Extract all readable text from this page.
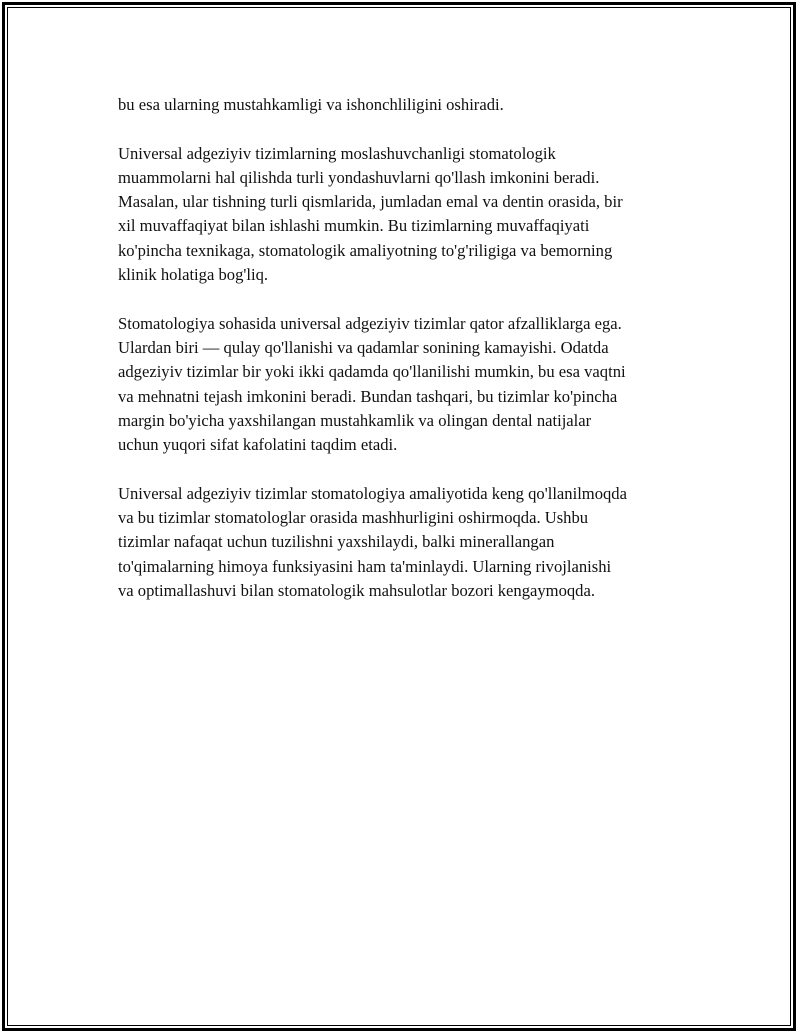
bu esa ularning mustahkamligi va ishonchliligini oshiradi.

Universal adgeziyiv tizimlarning moslashuvchanligi stomatologik
muammolarni hal qilishda turli yondashuvlarni qo'llash imkonini beradi.
Masalan, ular tishning turli qismlarida, jumladan emal va dentin orasida, bir
xil muvaffaqiyat bilan ishlashi mumkin. Bu tizimlarning muvaffaqiyati
ko'pincha texnikaga, stomatologik amaliyotning to'g'riligiga va bemorning
klinik holatiga bog'liq.

Stomatologiya sohasida universal adgeziyiv tizimlar qator afzalliklarga ega.
Ulardan biri — qulay qo'llanishi va qadamlar sonining kamayishi. Odatda
adgeziyiv tizimlar bir yoki ikki qadamda qo'llanilishi mumkin, bu esa vaqtni
va mehnatni tejash imkonini beradi. Bundan tashqari, bu tizimlar ko'pincha
margin bo'yicha yaxshilangan mustahkamlik va olingan dental natijalar
uchun yuqori sifat kafolatini taqdim etadi.

Universal adgeziyiv tizimlar stomatologiya amaliyotida keng qo'llanilmoqda
va bu tizimlar stomatologlar orasida mashhurligini oshirmoqda. Ushbu
tizimlar nafaqat uchun tuzilishni yaxshilaydi, balki minerallangan
to'qimalarning himoya funksiyasini ham ta'minlaydi. Ularning rivojlanishi
va optimallashuvi bilan stomatologik mahsulotlar bozori kengaymoqda.
